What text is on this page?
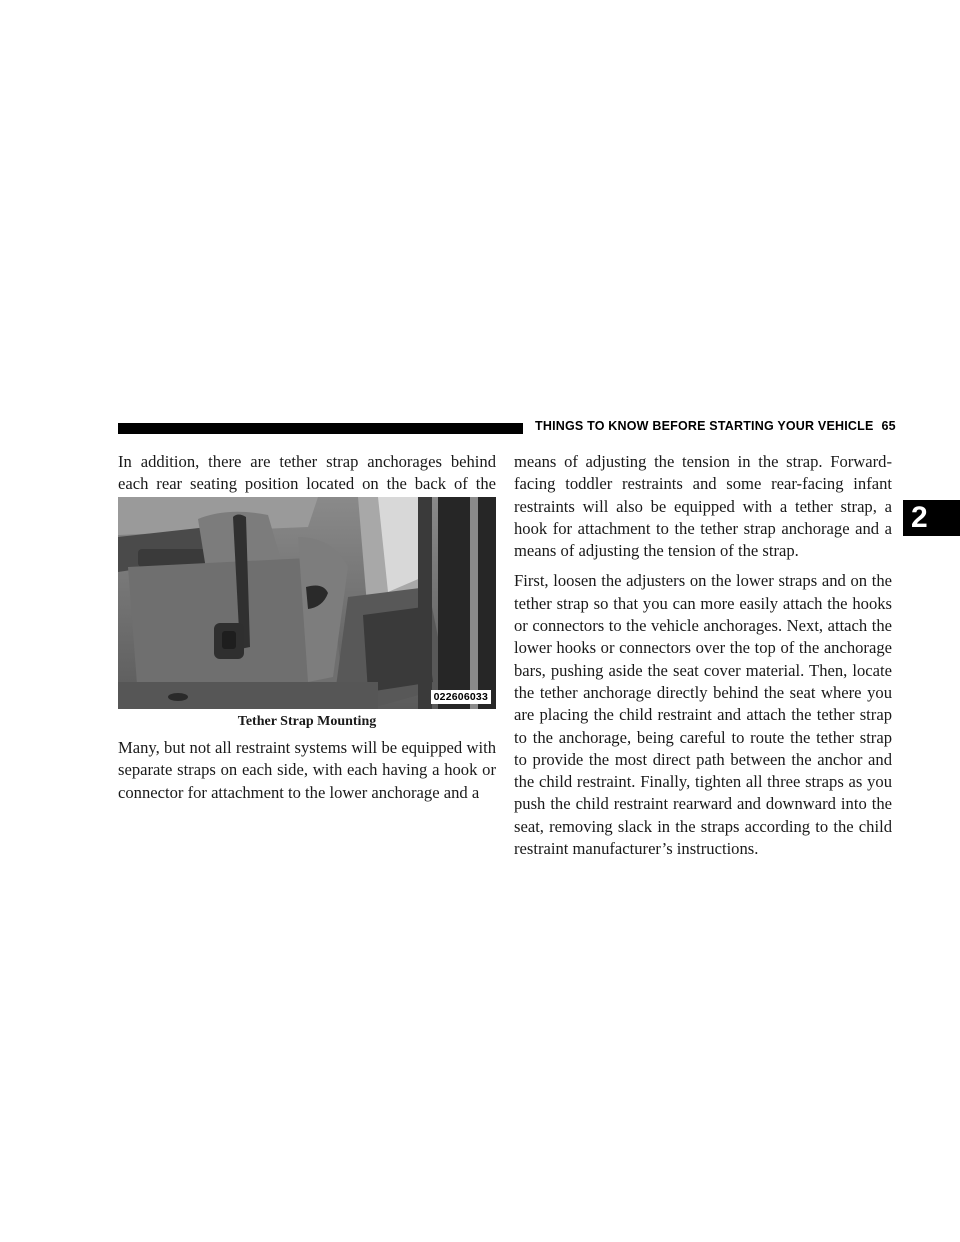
THINGS TO KNOW BEFORE STARTING YOUR VEHICLE 65
2

In addition, there are tether strap anchorages behind each rear seating position located on the back of the

022606033
Tether Strap Mounting

Many, but not all restraint systems will be equipped with separate straps on each side, with each having a hook or connector for attachment to the lower anchorage and a

means of adjusting the tension in the strap. Forward-facing toddler restraints and some rear-facing infant restraints will also be equipped with a tether strap, a hook for attachment to the tether strap anchorage and a means of adjusting the tension of the strap.

First, loosen the adjusters on the lower straps and on the tether strap so that you can more easily attach the hooks or connectors to the vehicle anchorages. Next, attach the lower hooks or connectors over the top of the anchorage bars, pushing aside the seat cover material. Then, locate the tether anchorage directly behind the seat where you are placing the child restraint and attach the tether strap to the anchorage, being careful to route the tether strap to provide the most direct path between the anchor and the child restraint. Finally, tighten all three straps as you push the child restraint rearward and downward into the seat, removing slack in the straps according to the child restraint manufacturer’s instructions.
